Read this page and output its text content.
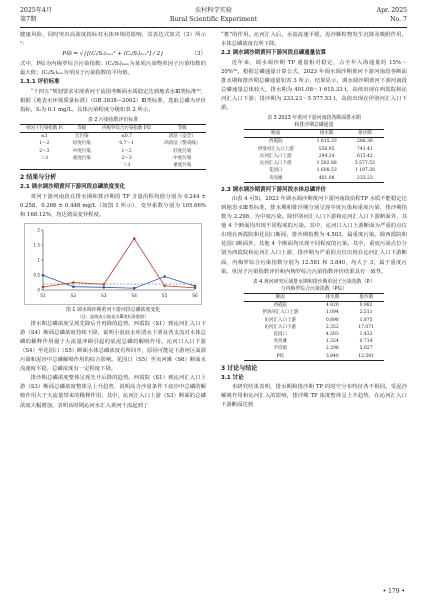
2025年4月
第7期
农村科学实验
Rural Scientific Experiment
Apr. 2025
No. 7

健康风险，同时突出高浓度指标对水体环境的影响，其表达式如式（3）所示¹：

P综 = √{[(Cᵢ/Sᵢ)ₘₐₓ² + (Cᵢ/Sᵢ)ₐᵥₑ²] / 2}	（3）

式中，P综为内梅罗综合污染指数；(Cᵢ/Sᵢ)ₘₐₓ为某项污染物单因子污染指数的最大值；(Cᵢ/Sᵢ)ₐᵥₑ为单因子污染指数的平均值。

1.3.1 评价标准

“十四五”规划要求实现黄河干流国考断面水质稳定达到地表水Ⅲ类标准¹⁰，根据《地表水环境质量标准》（GB 3838—2002）Ⅲ类标准，选取总磷为评价指标，Sᵢ为 0.1 mg/L，具体污染程度分级如表 2 所示。

表 2 污染指数评价标准
单因子污染指数 Pᵢ	等级	内梅罗综合污染指数 P综	等级
≤1	无污染	≤0.7	清洁（安全）
1～2	轻度污染	0.7～1	尚清洁（警戒线）
2～3	中度污染	1～2	轻度污染
＞3	重度污染	2～3	中度污染
		＞3	重度污染
2 结果与分析
2.1 调水调沙期黄河下游河段总磷浓度变化

黄河下游河南段在排水期和排沙期的 TP 含量沿程均值分别为 0.244 ± 0.258、0.266 ± 0.448 mg/L（如图 1 所示），变异系数分别为 105.66% 和 168.12%，均达到高变异程度。

0
0.5
1
1.5
2
S1	S2	S3	S4	S5	S6
图 1 调水调沙期黄河下游河段总磷浓度变化
（注：虚线表示地表水Ⅲ类标准限值）

排水期总磷浓度呈现先降后升再降的趋势。西霞院（S1）到沁河汇入口下游（S4）断面总磷浓度持续下降，说明小浪底水库清水下泄及各支流对水体总磷的稀释作用强于大流量冲刷引起的底泥总磷的解吸作用。沁河口入口下游（S4）至花园口（S5）断面水体总磷浓度有所回升，原因可能是下游河区面源污染和泥沙中总磷解吸作用的综合影响。花园口（S5）至夹河滩（S6）断面水流速度平稳，总磷浓度有一定程度下降。

排沙期总磷浓度整体呈现先升后降的趋势。西霞院（S1）到沁河汇入口上游（S3）断面总磷浓度整体呈上升趋势，说明高含沙量条件下底沙中总磷的解吸作用大于大流量带来的稀释作用。其中，沁河汇入口上游（S3）断面的总磷浓度大幅增加，表明该时期沁河水汇入黄河干流起到了

“蓄”的作用。沁河汇入后，水流流速平缓，泥沙颗粒物发生沉降及吸附作用，水体总磷浓度有所下降。

2.2 调水调沙期黄河下游河段总磷通量估算

近年来，调水调沙期 TP 通量相对稳定，占全年入海通量的 15%～20%²³。根据总磷通量计算公式，2023 年调水调沙期黄河下游河南段各断面排水期和排沙期总磷通量如表 3 所示，结果显示，调水调沙期黄河下游河南段总磷通量总体较大，排水期为 401.08～1 615.33 t，高值出现在西霞院和沁河汇入口下游；排沙期为 233.23～5 577.53 t，高值出现在伊洛河汇入口下游。

表 3 2023 年黄河下游河南段各断面排水期
和排沙期总磷通量
断面	排水期	排沙期
西霞院	1 615.33	286.36
伊洛河汇入口上游	556.93	741.41
沁河汇入口上游	294.24	615.42
沁河汇入口下游	1 502.88	5 577.53
花园口	1 608.53	1 197.28
夹河滩	401.08	233.23
2.3 调水调沙期黄河下游河段水体总磷评价

由表 4 可知，2023 年调水调沙期黄河下游河南段沿程TP 水质不能稳定达到地表水Ⅲ类标准。排水期和排沙期分别呈现中度污染和重度污染，排沙期指数为 2.298，为中度污染。除伊洛河汇入口下游和沁河汇入口下游断面外，其他 4 个断面均出现不同程度的污染。其中，沁河口入口上游断面为严重的点位出现在西霞院和花园口断面，排沙期指数为 4.503，属重度污染。除西霞院和花园口断面外，其他 4 个断面均出现不同程度的污染。其中，重度污染点位分别为西霞院和沁河汇入口上游，排沙期为严重的点位出现在沁河汇入口下游断面，内梅罗综合污染指数分别为 12.581 和 3.840，均大于 3，属于重度污染。单因子污染指数评价和内梅罗综合污染指数评价结果具有一致性。

表 4 黄河研究区域排水期和排沙期单因子污染指数（Pᵢ）
与内梅罗综合污染指数（P综）
断面	排水期	排沙期
西霞院	4.920	0.982
伊洛河汇入口上游	1.094	2.511
沁河汇入口上游	0.898	1.875
沁河汇入口下游	2.352	17.071
花园口	4.503	1.432
夹河滩	1.324	0.714
平均值	2.298	5.027
P综	3.840	12.581
3 讨论与结论
3.1 讨论

本研究结果表明，排水期和排沙期 TP 的时空分布特征各不相同。受泥沙解吸作用和沁河汇入的影响，排沙期 TP 浓度整体呈上升趋势，在沁河汇入口下游断面达到

• 179 •
